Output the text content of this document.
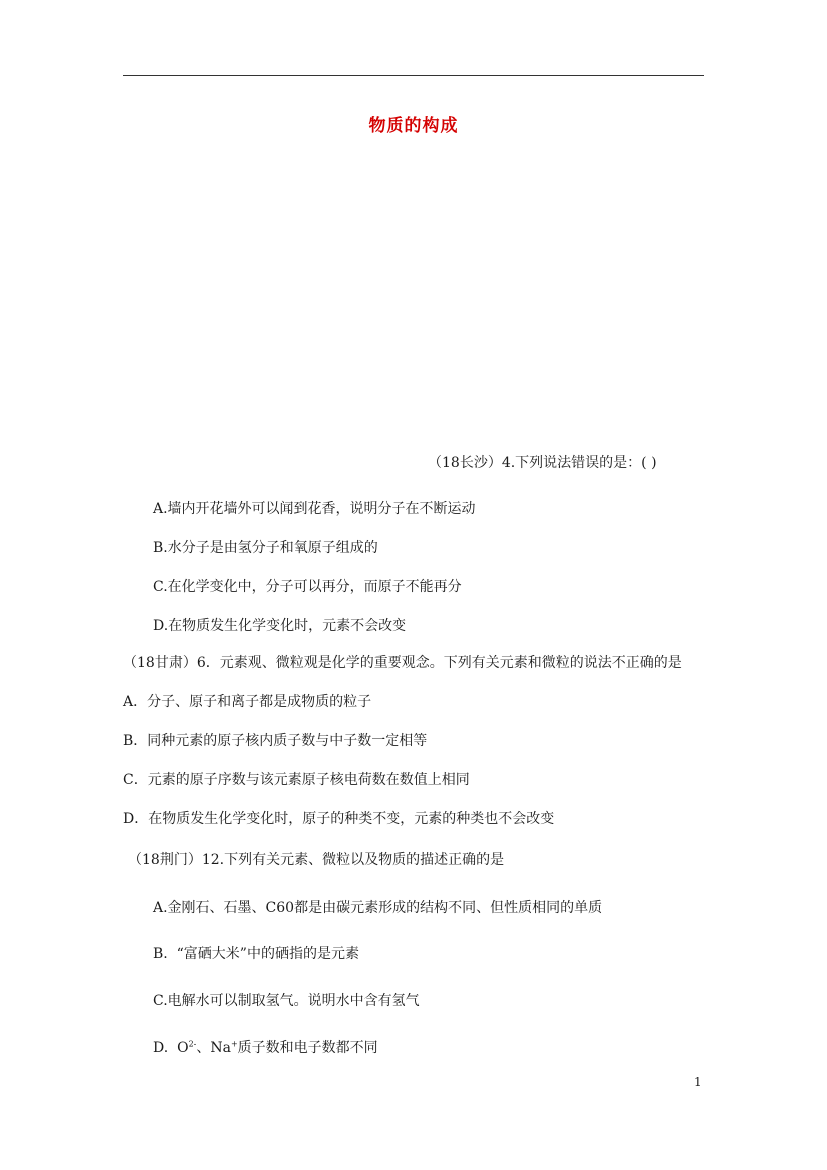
物质的构成
（18长沙）4.下列说法错误的是：( )
A.墙内开花墙外可以闻到花香，说明分子在不断运动
B.水分子是由氢分子和氧原子组成的
C.在化学变化中，分子可以再分，而原子不能再分
D.在物质发生化学变化时，元素不会改变
（18甘肃）6．元素观、微粒观是化学的重要观念。下列有关元素和微粒的说法不正确的是
A．分子、原子和离子都是成物质的粒子
B．同种元素的原子核内质子数与中子数一定相等
C．元素的原子序数与该元素原子核电荷数在数值上相同
D．在物质发生化学变化时，原子的种类不变，元素的种类也不会改变
（18荆门）12.下列有关元素、微粒以及物质的描述正确的是
A.金刚石、石墨、C60都是由碳元素形成的结构不同、但性质相同的单质
B.  “富硒大米”中的硒指的是元素
C.电解水可以制取氢气。说明水中含有氢气
D.  $O^{2-}$、Na+质子数和电子数都不同
1
